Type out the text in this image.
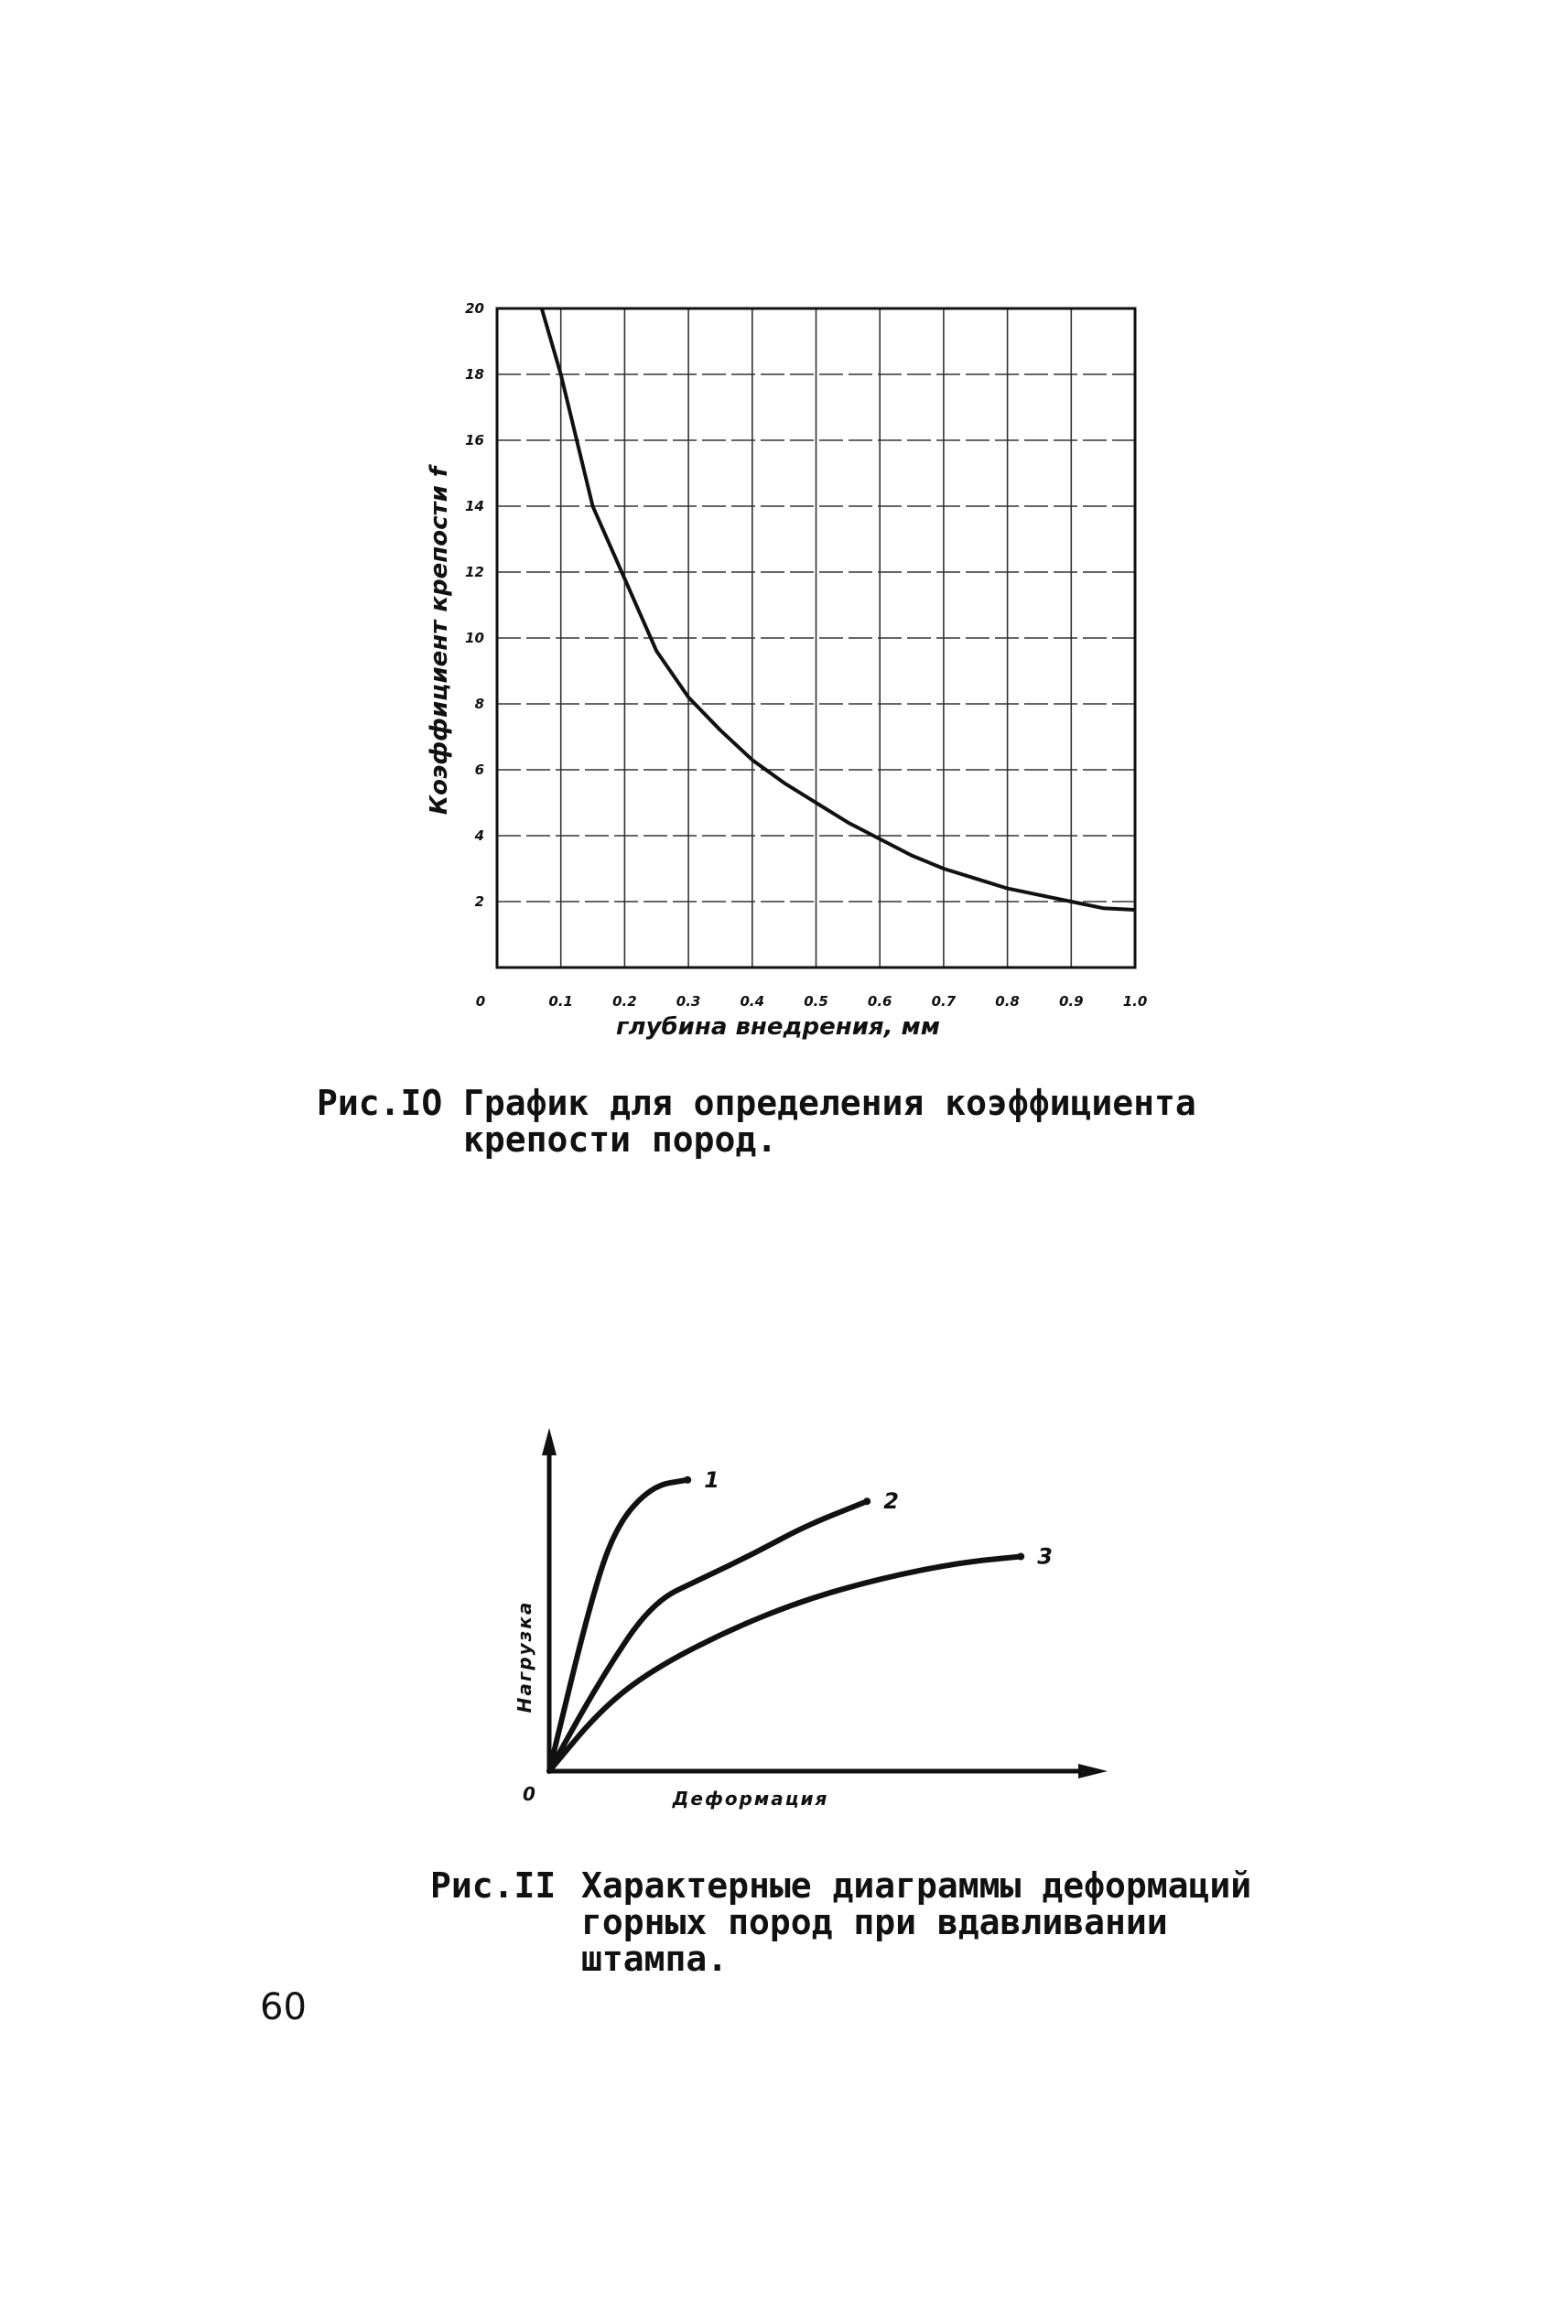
0	0.1	0.2	0.3	0.4	0.5	0.6	0.7	0.8	0.9	1.0
2
4
6
8
10
12
14
16
18
20
глубина внедрения, мм
Коэффициент крепости f
0	Деформация
Нагрузка
1
2
3
Рис.IO График для определения коэффициента
крепости пород.
Рис.II Характерные диаграммы деформаций
горных пород при вдавливании
штампа.
60
